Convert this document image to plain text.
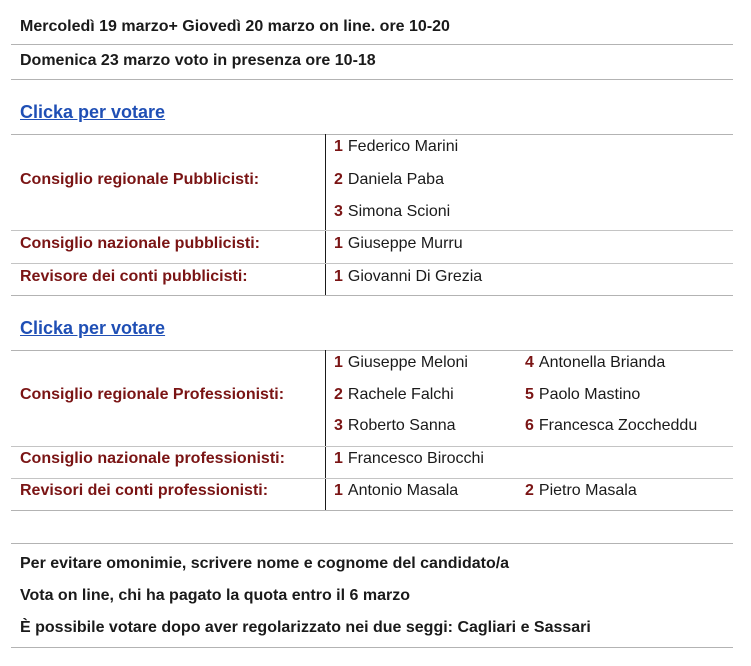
Mercoledì 19 marzo+ Giovedì 20 marzo on line. ore 10-20
Domenica 23 marzo voto in presenza ore 10-18
Clicka per votare
Consiglio regionale Pubblicisti:
1 Federico Marini
2 Daniela Paba
3 Simona Scioni
Consiglio nazionale pubblicisti:	1 Giuseppe Murru
Revisore dei conti pubblicisti:	1 Giovanni Di Grezia
Clicka per votare
Consiglio regionale Professionisti:
1 Giuseppe Meloni	4 Antonella Brianda
2 Rachele Falchi	5 Paolo Mastino
3 Roberto Sanna	6 Francesca Zoccheddu
Consiglio nazionale professionisti:	1 Francesco Birocchi
Revisori dei conti professionisti:	1 Antonio Masala	2 Pietro Masala
Per evitare omonimie, scrivere nome e cognome del candidato/a
Vota on line, chi ha pagato la quota entro il 6 marzo
È possibile votare dopo aver regolarizzato nei due seggi: Cagliari e Sassari
